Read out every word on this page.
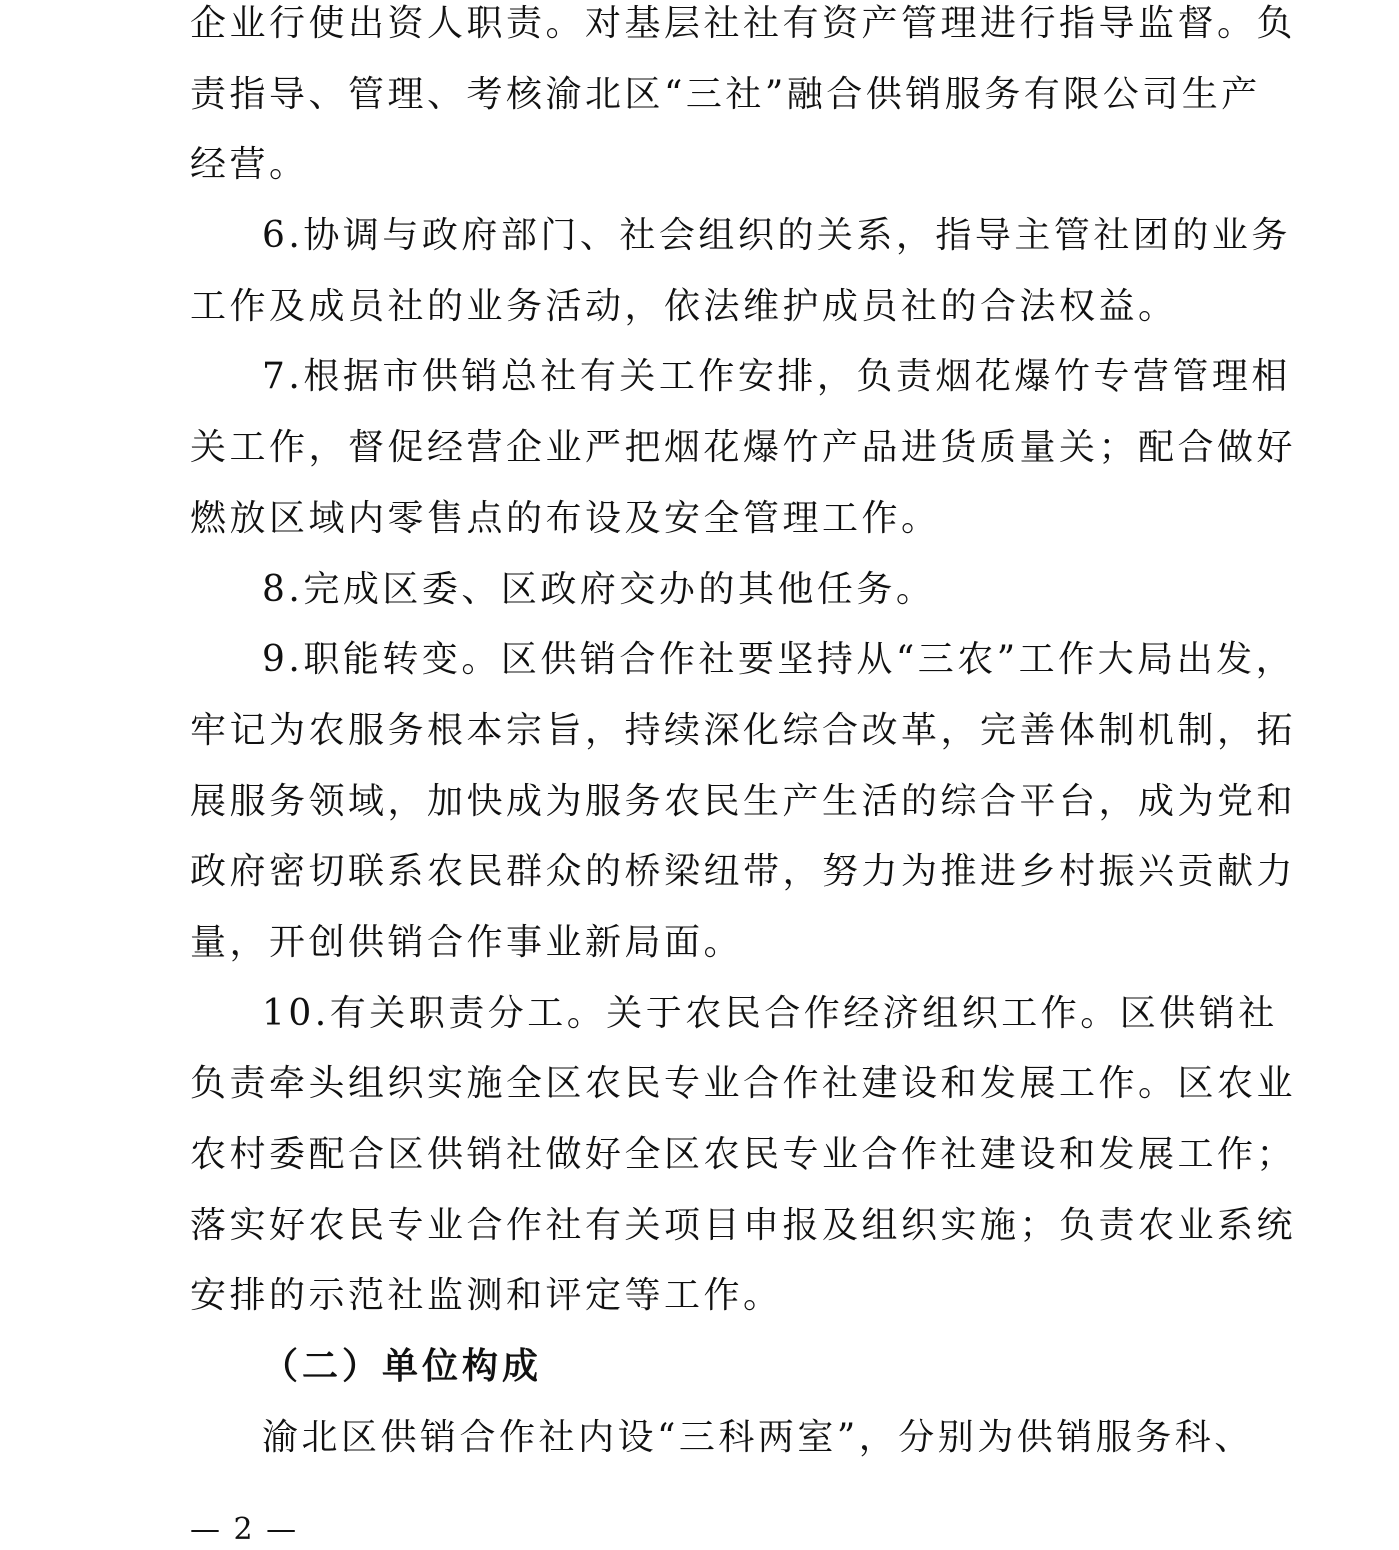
企业行使出资人职责。对基层社社有资产管理进行指导监督。负
责指导、管理、考核渝北区“三社”融合供销服务有限公司生产
经营。
6.协调与政府部门、社会组织的关系，指导主管社团的业务
工作及成员社的业务活动，依法维护成员社的合法权益。
7.根据市供销总社有关工作安排，负责烟花爆竹专营管理相
关工作，督促经营企业严把烟花爆竹产品进货质量关；配合做好
燃放区域内零售点的布设及安全管理工作。
8.完成区委、区政府交办的其他任务。
9.职能转变。区供销合作社要坚持从“三农”工作大局出发，
牢记为农服务根本宗旨，持续深化综合改革，完善体制机制，拓
展服务领域，加快成为服务农民生产生活的综合平台，成为党和
政府密切联系农民群众的桥梁纽带，努力为推进乡村振兴贡献力
量，开创供销合作事业新局面。
10.有关职责分工。关于农民合作经济组织工作。区供销社
负责牵头组织实施全区农民专业合作社建设和发展工作。区农业
农村委配合区供销社做好全区农民专业合作社建设和发展工作；
落实好农民专业合作社有关项目申报及组织实施；负责农业系统
安排的示范社监测和评定等工作。
（二）单位构成
渝北区供销合作社内设“三科两室”，分别为供销服务科、
— 2 —
